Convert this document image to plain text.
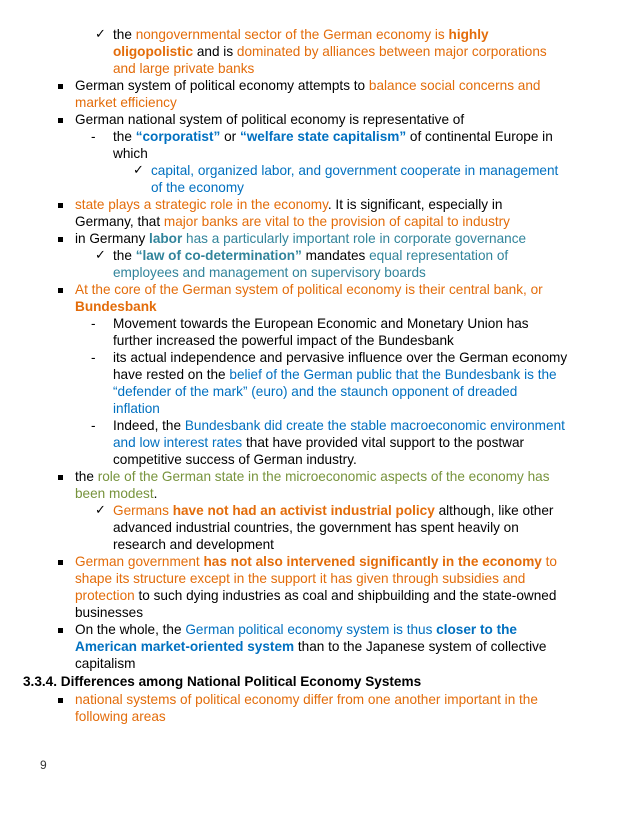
✓ the nongovernmental sector of the German economy is highly
oligopolistic and is dominated by alliances between major corporations
and large private banks
German system of political economy attempts to balance social concerns and
market efficiency
German national system of political economy is representative of
- the “corporatist” or “welfare state capitalism” of continental Europe in
which
✓ capital, organized labor, and government cooperate in management
of the economy
state plays a strategic role in the economy. It is significant, especially in
Germany, that major banks are vital to the provision of capital to industry
in Germany labor has a particularly important role in corporate governance
✓ the “law of co-determination” mandates equal representation of
employees and management on supervisory boards
At the core of the German system of political economy is their central bank, or
Bundesbank
- Movement towards the European Economic and Monetary Union has
further increased the powerful impact of the Bundesbank
- its actual independence and pervasive influence over the German economy
have rested on the belief of the German public that the Bundesbank is the
“defender of the mark” (euro) and the staunch opponent of dreaded
inflation
- Indeed, the Bundesbank did create the stable macroeconomic environment
and low interest rates that have provided vital support to the postwar
competitive success of German industry.
the role of the German state in the microeconomic aspects of the economy has
been modest.
✓ Germans have not had an activist industrial policy although, like other
advanced industrial countries, the government has spent heavily on
research and development
German government has not also intervened significantly in the economy to
shape its structure except in the support it has given through subsidies and
protection to such dying industries as coal and shipbuilding and the state-owned
businesses
On the whole, the German political economy system is thus closer to the
American market-oriented system than to the Japanese system of collective
capitalism
national systems of political economy differ from one another important in the
following areas
3.3.4. Differences among National Political Economy Systems
9
